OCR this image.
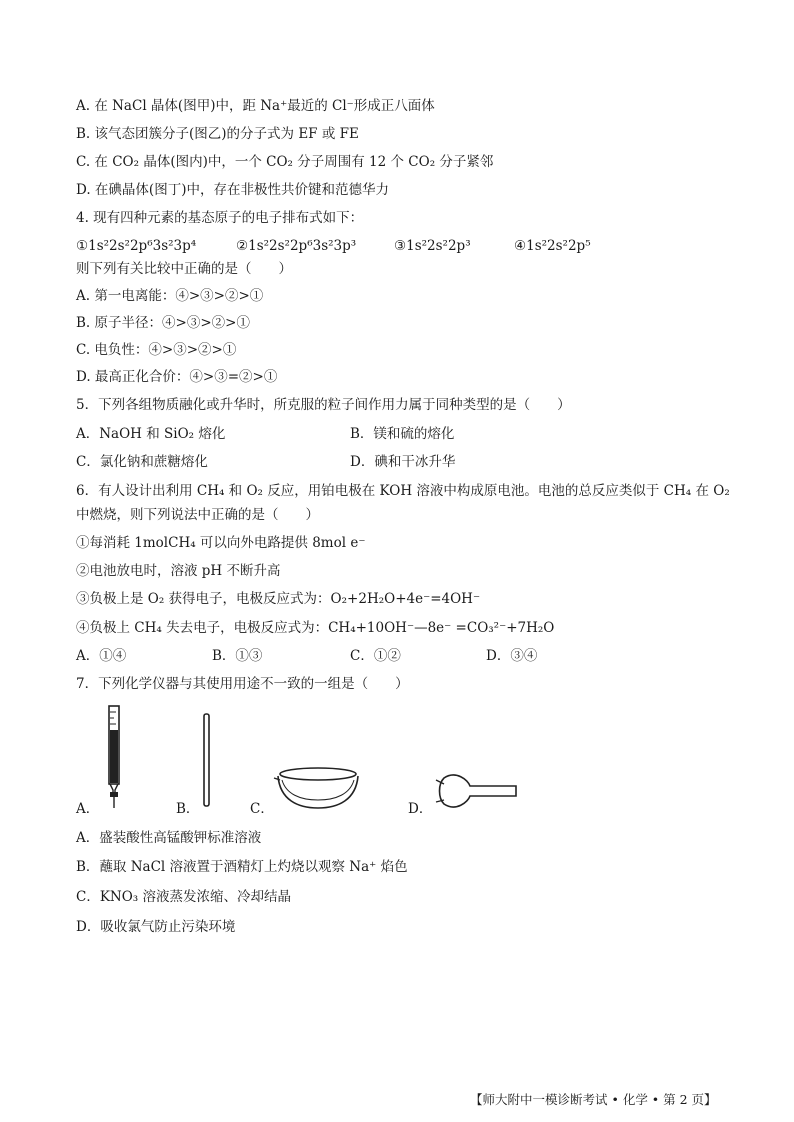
A. 在 NaCl 晶体(图甲)中，距 Na⁺最近的 Cl⁻形成正八面体
B. 该气态团簇分子(图乙)的分子式为 EF 或 FE
C. 在 CO₂ 晶体(图内)中，一个 CO₂ 分子周围有 12 个 CO₂ 分子紧邻
D. 在碘晶体(图丁)中，存在非极性共价键和范德华力
4. 现有四种元素的基态原子的电子排布式如下：
①1s²2s²2p⁶3s²3p⁴	②1s²2s²2p⁶3s²3p³	③1s²2s²2p³	④1s²2s²2p⁵
则下列有关比较中正确的是（　　）
A. 第一电离能：④>③>②>①
B. 原子半径：④>③>②>①
C. 电负性：④>③>②>①
D. 最高正化合价：④>③=②>①
5．下列各组物质融化或升华时，所克服的粒子间作用力属于同种类型的是（　　）
A．NaOH 和 SiO₂ 熔化	B．镁和硫的熔化
C．氯化钠和蔗糖熔化	D．碘和干冰升华
6．有人设计出利用 CH₄ 和 O₂ 反应，用铂电极在 KOH 溶液中构成原电池。电池的总反应类似于 CH₄ 在 O₂
中燃烧，则下列说法中正确的是（　　）
①每消耗 1molCH₄ 可以向外电路提供 8mol e⁻
②电池放电时，溶液 pH 不断升高
③负极上是 O₂ 获得电子，电极反应式为：O₂+2H₂O+4e⁻=4OH⁻
④负极上 CH₄ 失去电子，电极反应式为：CH₄+10OH⁻—8e⁻ =CO₃²⁻+7H₂O
A．①④	B．①③	C．①②	D．③④
7．下列化学仪器与其使用用途不一致的一组是（　　）
A．	B．	C．	D．
A．盛装酸性高锰酸钾标准溶液
B．蘸取 NaCl 溶液置于酒精灯上灼烧以观察 Na⁺ 焰色
C．KNO₃ 溶液蒸发浓缩、冷却结晶
D．吸收氯气防止污染环境
【师大附中一模诊断考试 • 化学 • 第 2 页】
